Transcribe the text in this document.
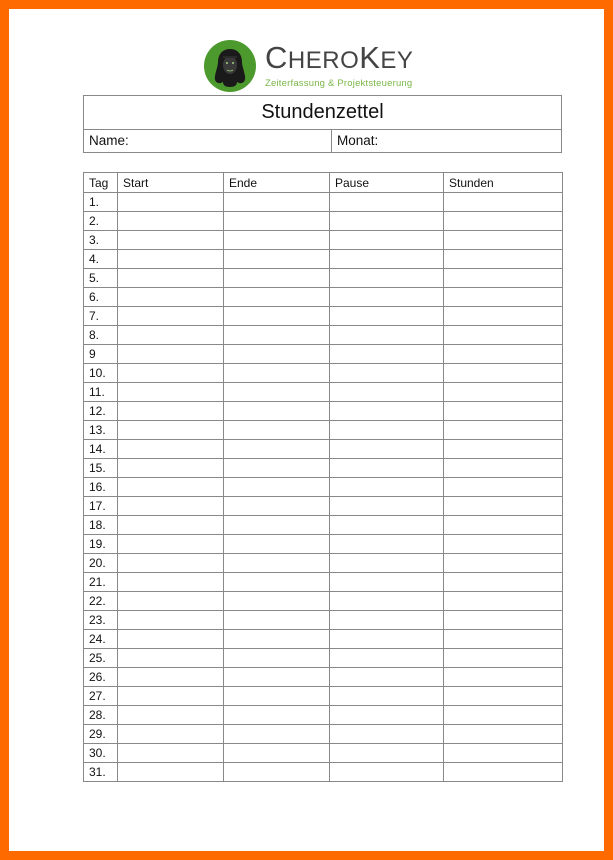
CHEROKEY
Zeiterfassung & Projektsteuerung
Stundenzettel
Name:	Monat:
Tag	Start	Ende	Pause	Stunden
1.				
2.				
3.				
4.				
5.				
6.				
7.				
8.				
9				
10.				
11.				
12.				
13.				
14.				
15.				
16.				
17.				
18.				
19.				
20.				
21.				
22.				
23.				
24.				
25.				
26.				
27.				
28.				
29.				
30.				
31.				
